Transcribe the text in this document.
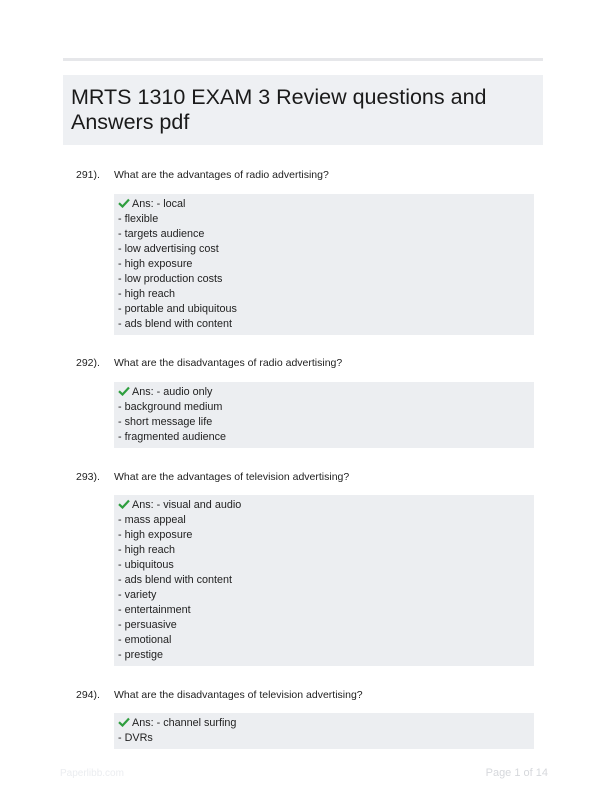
MRTS 1310 EXAM 3 Review questions and
Answers pdf
291). What are the advantages of radio advertising?
Ans: - local
- flexible
- targets audience
- low advertising cost
- high exposure
- low production costs
- high reach
- portable and ubiquitous
- ads blend with content
292). What are the disadvantages of radio advertising?
Ans: - audio only
- background medium
- short message life
- fragmented audience
293). What are the advantages of television advertising?
Ans: - visual and audio
- mass appeal
- high exposure
- high reach
- ubiquitous
- ads blend with content
- variety
- entertainment
- persuasive
- emotional
- prestige
294). What are the disadvantages of television advertising?
Ans: - channel surfing
- DVRs
Paperlibb.com	Page 1 of 14
